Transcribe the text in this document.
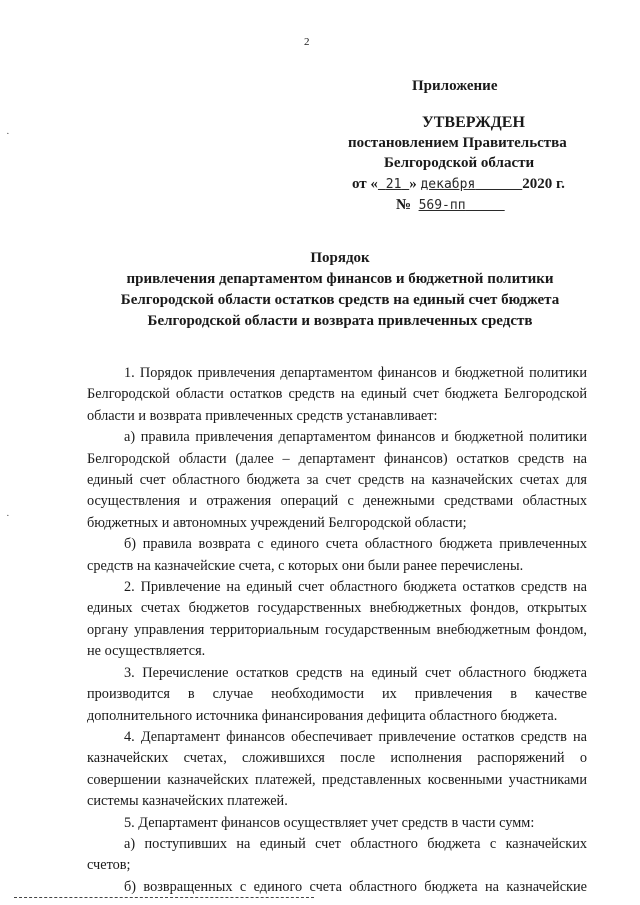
2
Приложение
УТВЕРЖДЕН
постановлением Правительства
Белгородской области
от « 21 » декабря	2020 г.
№ 569-пп
Порядок
привлечения департаментом финансов и бюджетной политики
Белгородской области остатков средств на единый счет бюджета
Белгородской области и возврата привлеченных средств

1. Порядок привлечения департаментом финансов и бюджетной политики Белгородской области остатков средств на единый счет бюджета Белгородской области и возврата привлеченных средств устанавливает:

а) правила привлечения департаментом финансов и бюджетной политики Белгородской области (далее – департамент финансов) остатков средств на единый счет областного бюджета за счет средств на казначейских счетах для осуществления и отражения операций с денежными средствами областных бюджетных и автономных учреждений Белгородской области;

б) правила возврата с единого счета областного бюджета привлеченных средств на казначейские счета, с которых они были ранее перечислены.

2. Привлечение на единый счет областного бюджета остатков средств на единых счетах бюджетов государственных внебюджетных фондов, открытых органу управления территориальным государственным внебюджетным фондом, не осуществляется.

3. Перечисление остатков средств на единый счет областного бюджета производится в случае необходимости их привлечения в качестве дополнительного источника финансирования дефицита областного бюджета.

4. Департамент финансов обеспечивает привлечение остатков средств на казначейских счетах, сложившихся после исполнения распоряжений о совершении казначейских платежей, представленных косвенными участниками системы казначейских платежей.

5. Департамент финансов осуществляет учет средств в части сумм:

а) поступивших на единый счет областного бюджета с казначейских счетов;

б) возвращенных с единого счета областного бюджета на казначейские

·
·
